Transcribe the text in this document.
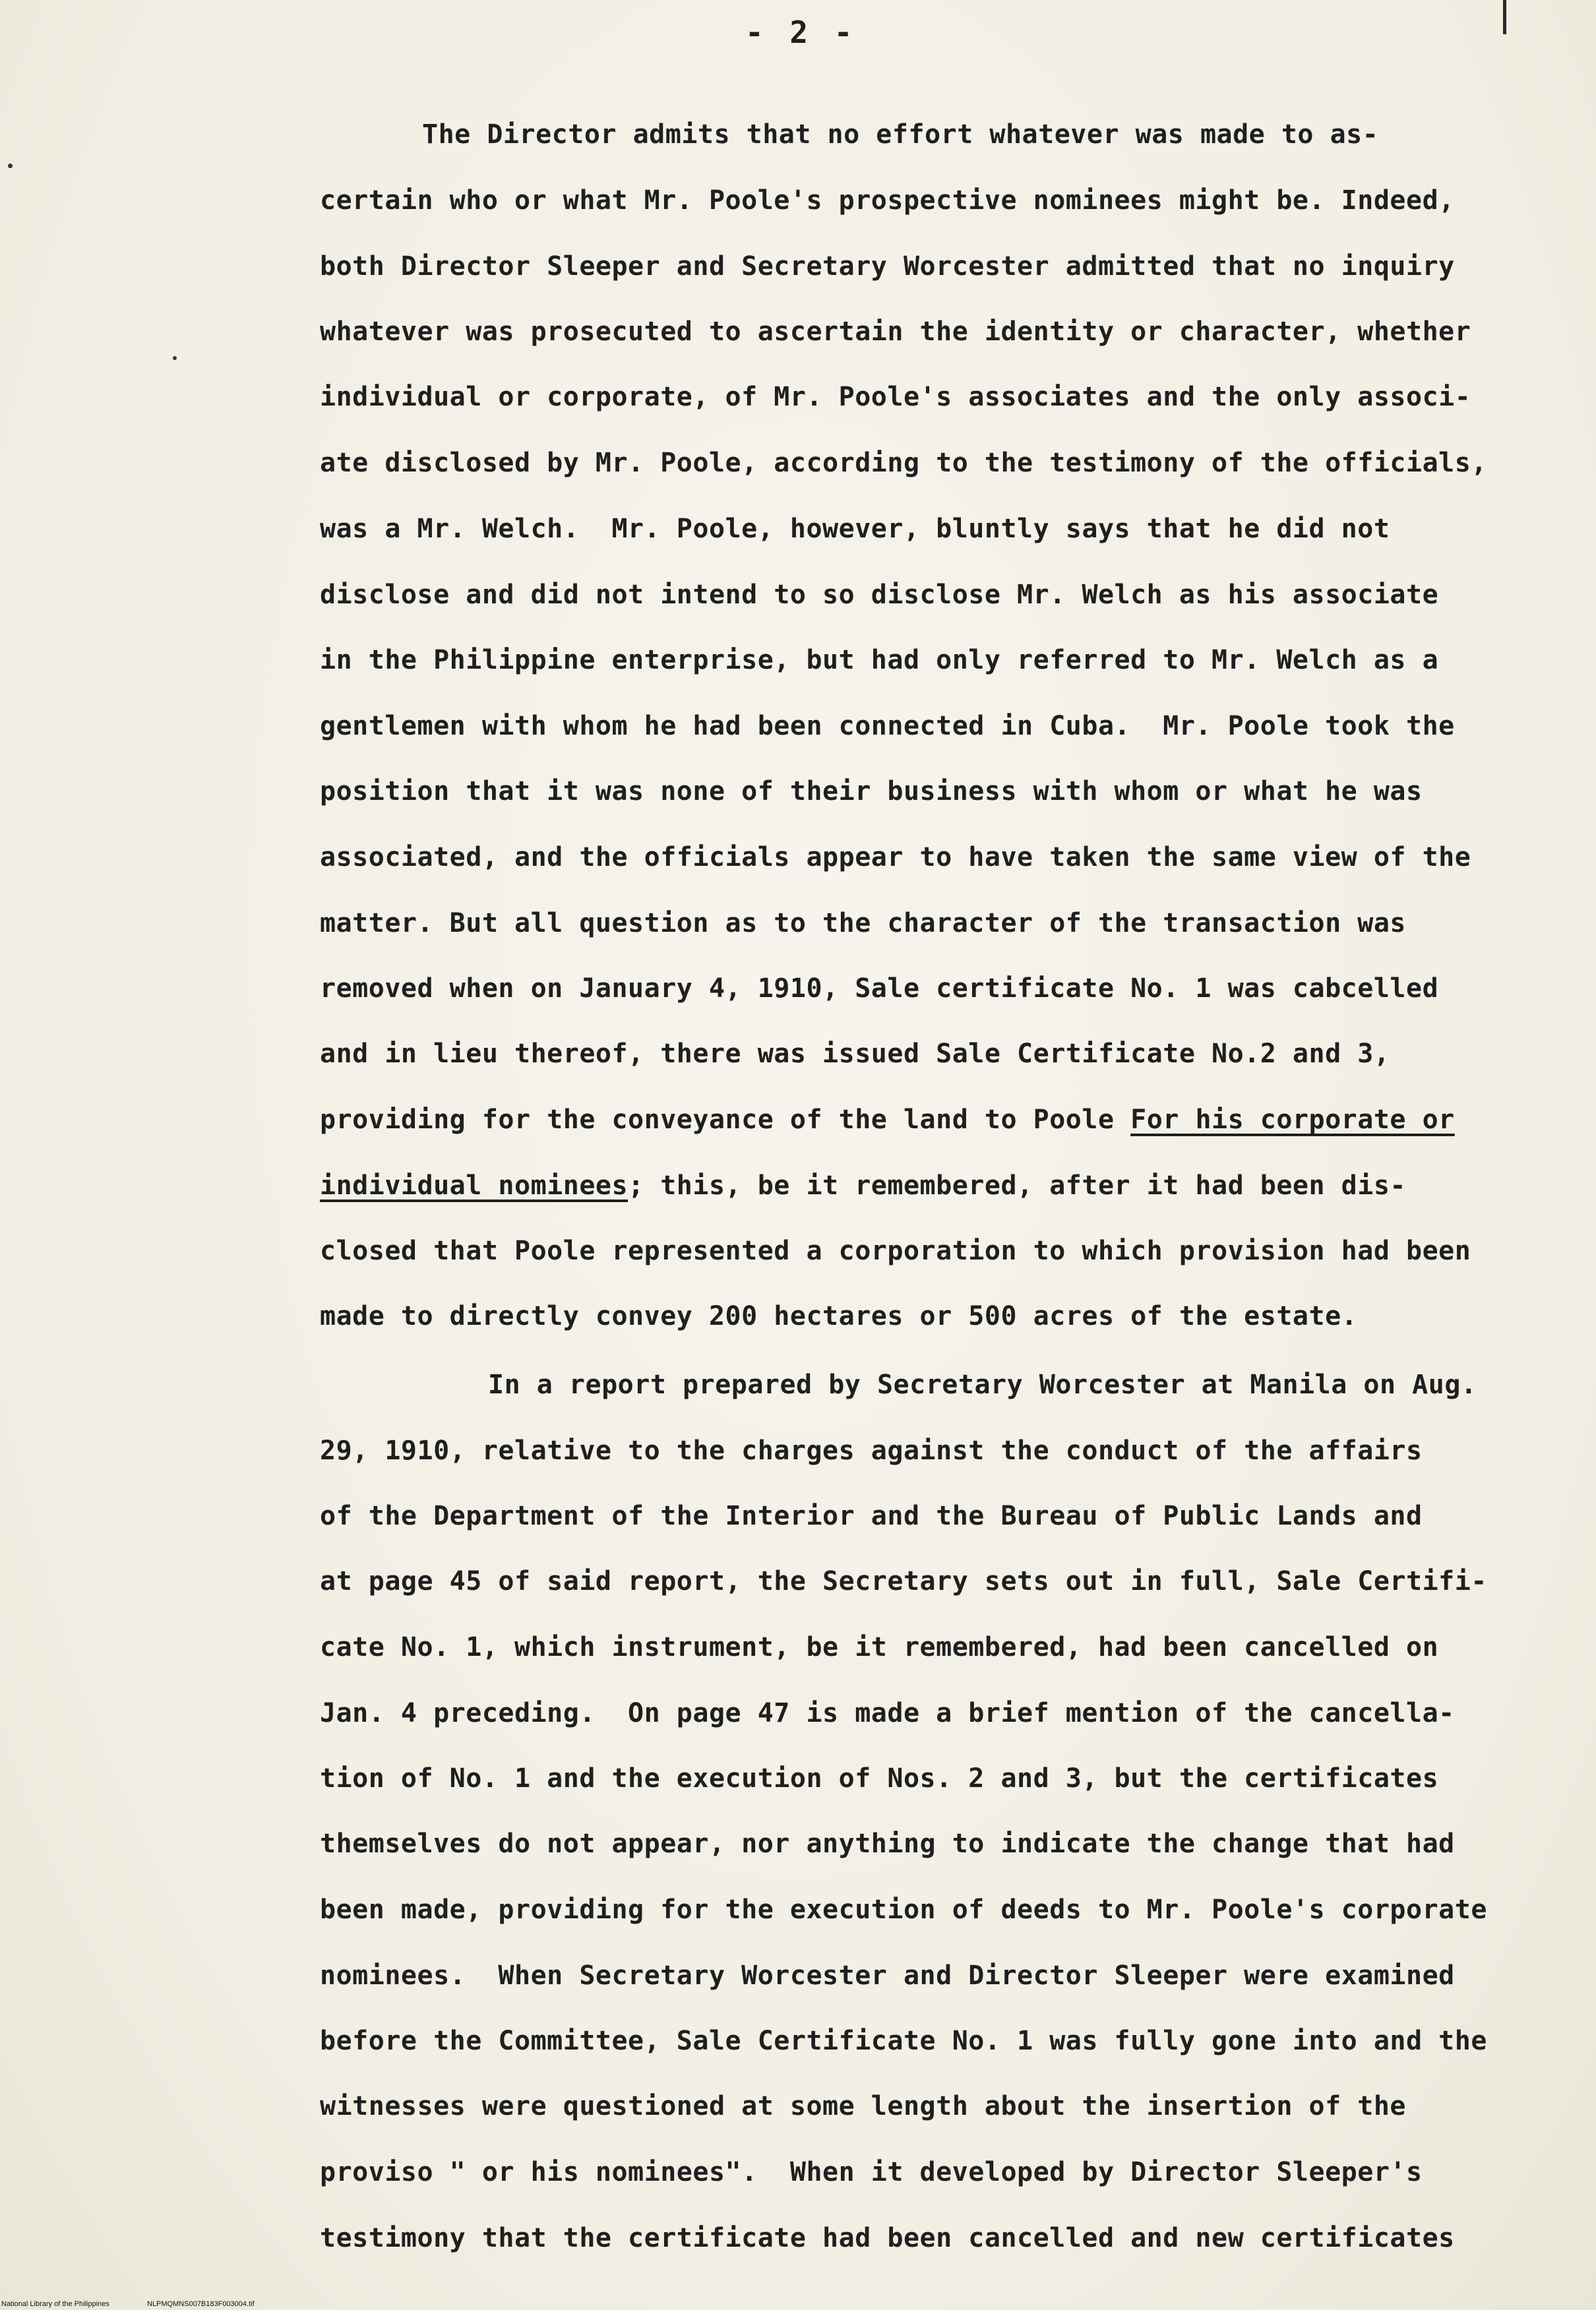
- 2 -
The Director admits that no effort whatever was made to as-
certain who or what Mr. Poole's prospective nominees might be. Indeed,
both Director Sleeper and Secretary Worcester admitted that no inquiry
whatever was prosecuted to ascertain the identity or character, whether
individual or corporate, of Mr. Poole's associates and the only associ-
ate disclosed by Mr. Poole, according to the testimony of the officials,
was a Mr. Welch.  Mr. Poole, however, bluntly says that he did not
disclose and did not intend to so disclose Mr. Welch as his associate
in the Philippine enterprise, but had only referred to Mr. Welch as a
gentlemen with whom he had been connected in Cuba.  Mr. Poole took the
position that it was none of their business with whom or what he was
associated, and the officials appear to have taken the same view of the
matter. But all question as to the character of the transaction was
removed when on January 4, 1910, Sale certificate No. 1 was cabcelled
and in lieu thereof, there was issued Sale Certificate No.2 and 3,
providing for the conveyance of the land to Poole For his corporate or
individual nominees; this, be it remembered, after it had been dis-
closed that Poole represented a corporation to which provision had been
made to directly convey 200 hectares or 500 acres of the estate.
In a report prepared by Secretary Worcester at Manila on Aug.
29, 1910, relative to the charges against the conduct of the affairs
of the Department of the Interior and the Bureau of Public Lands and
at page 45 of said report, the Secretary sets out in full, Sale Certifi-
cate No. 1, which instrument, be it remembered, had been cancelled on
Jan. 4 preceding.  On page 47 is made a brief mention of the cancella-
tion of No. 1 and the execution of Nos. 2 and 3, but the certificates
themselves do not appear, nor anything to indicate the change that had
been made, providing for the execution of deeds to Mr. Poole's corporate
nominees.  When Secretary Worcester and Director Sleeper were examined
before the Committee, Sale Certificate No. 1 was fully gone into and the
witnesses were questioned at some length about the insertion of the
proviso " or his nominees".  When it developed by Director Sleeper's
testimony that the certificate had been cancelled and new certificates
National Library of the Philippines	NLPMQMNS007B183F003004.tif
